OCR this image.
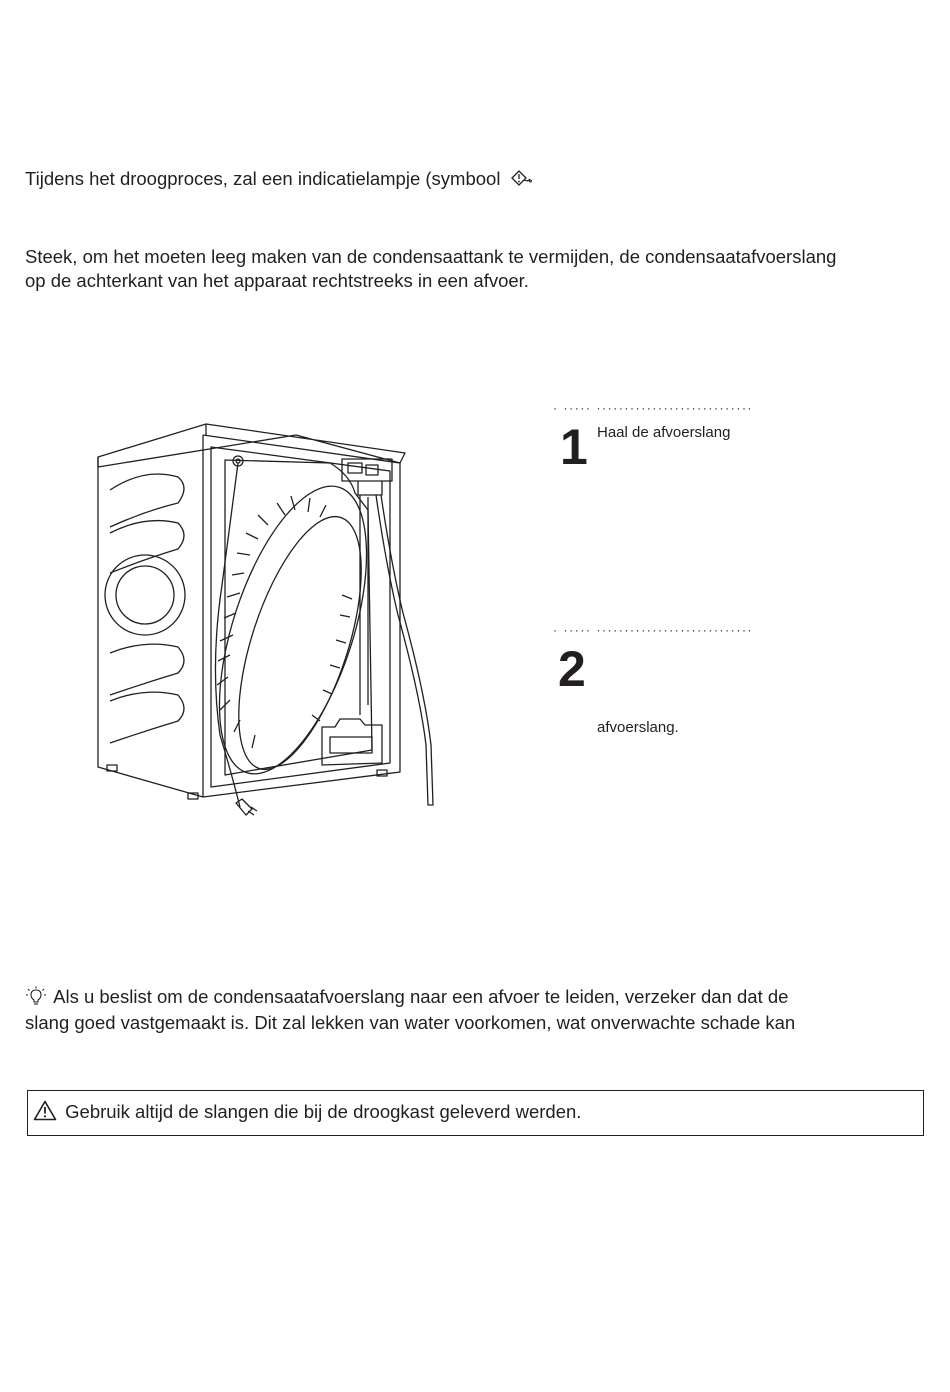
Tijdens het droogproces, zal een indicatielampje (symbool
Steek, om het moeten leeg maken van de condensaattank te vermijden, de condensaatafvoerslang
op de achterkant van het apparaat rechtstreeks in een afvoer.
· ····· ····························
1 Haal de afvoerslang
· ····· ····························
2
afvoerslang.
Als u beslist om de condensaatafvoerslang naar een afvoer te leiden, verzeker dan dat de
slang goed vastgemaakt is. Dit zal lekken van water voorkomen, wat onverwachte schade kan
Gebruik altijd de slangen die bij de droogkast geleverd werden.
